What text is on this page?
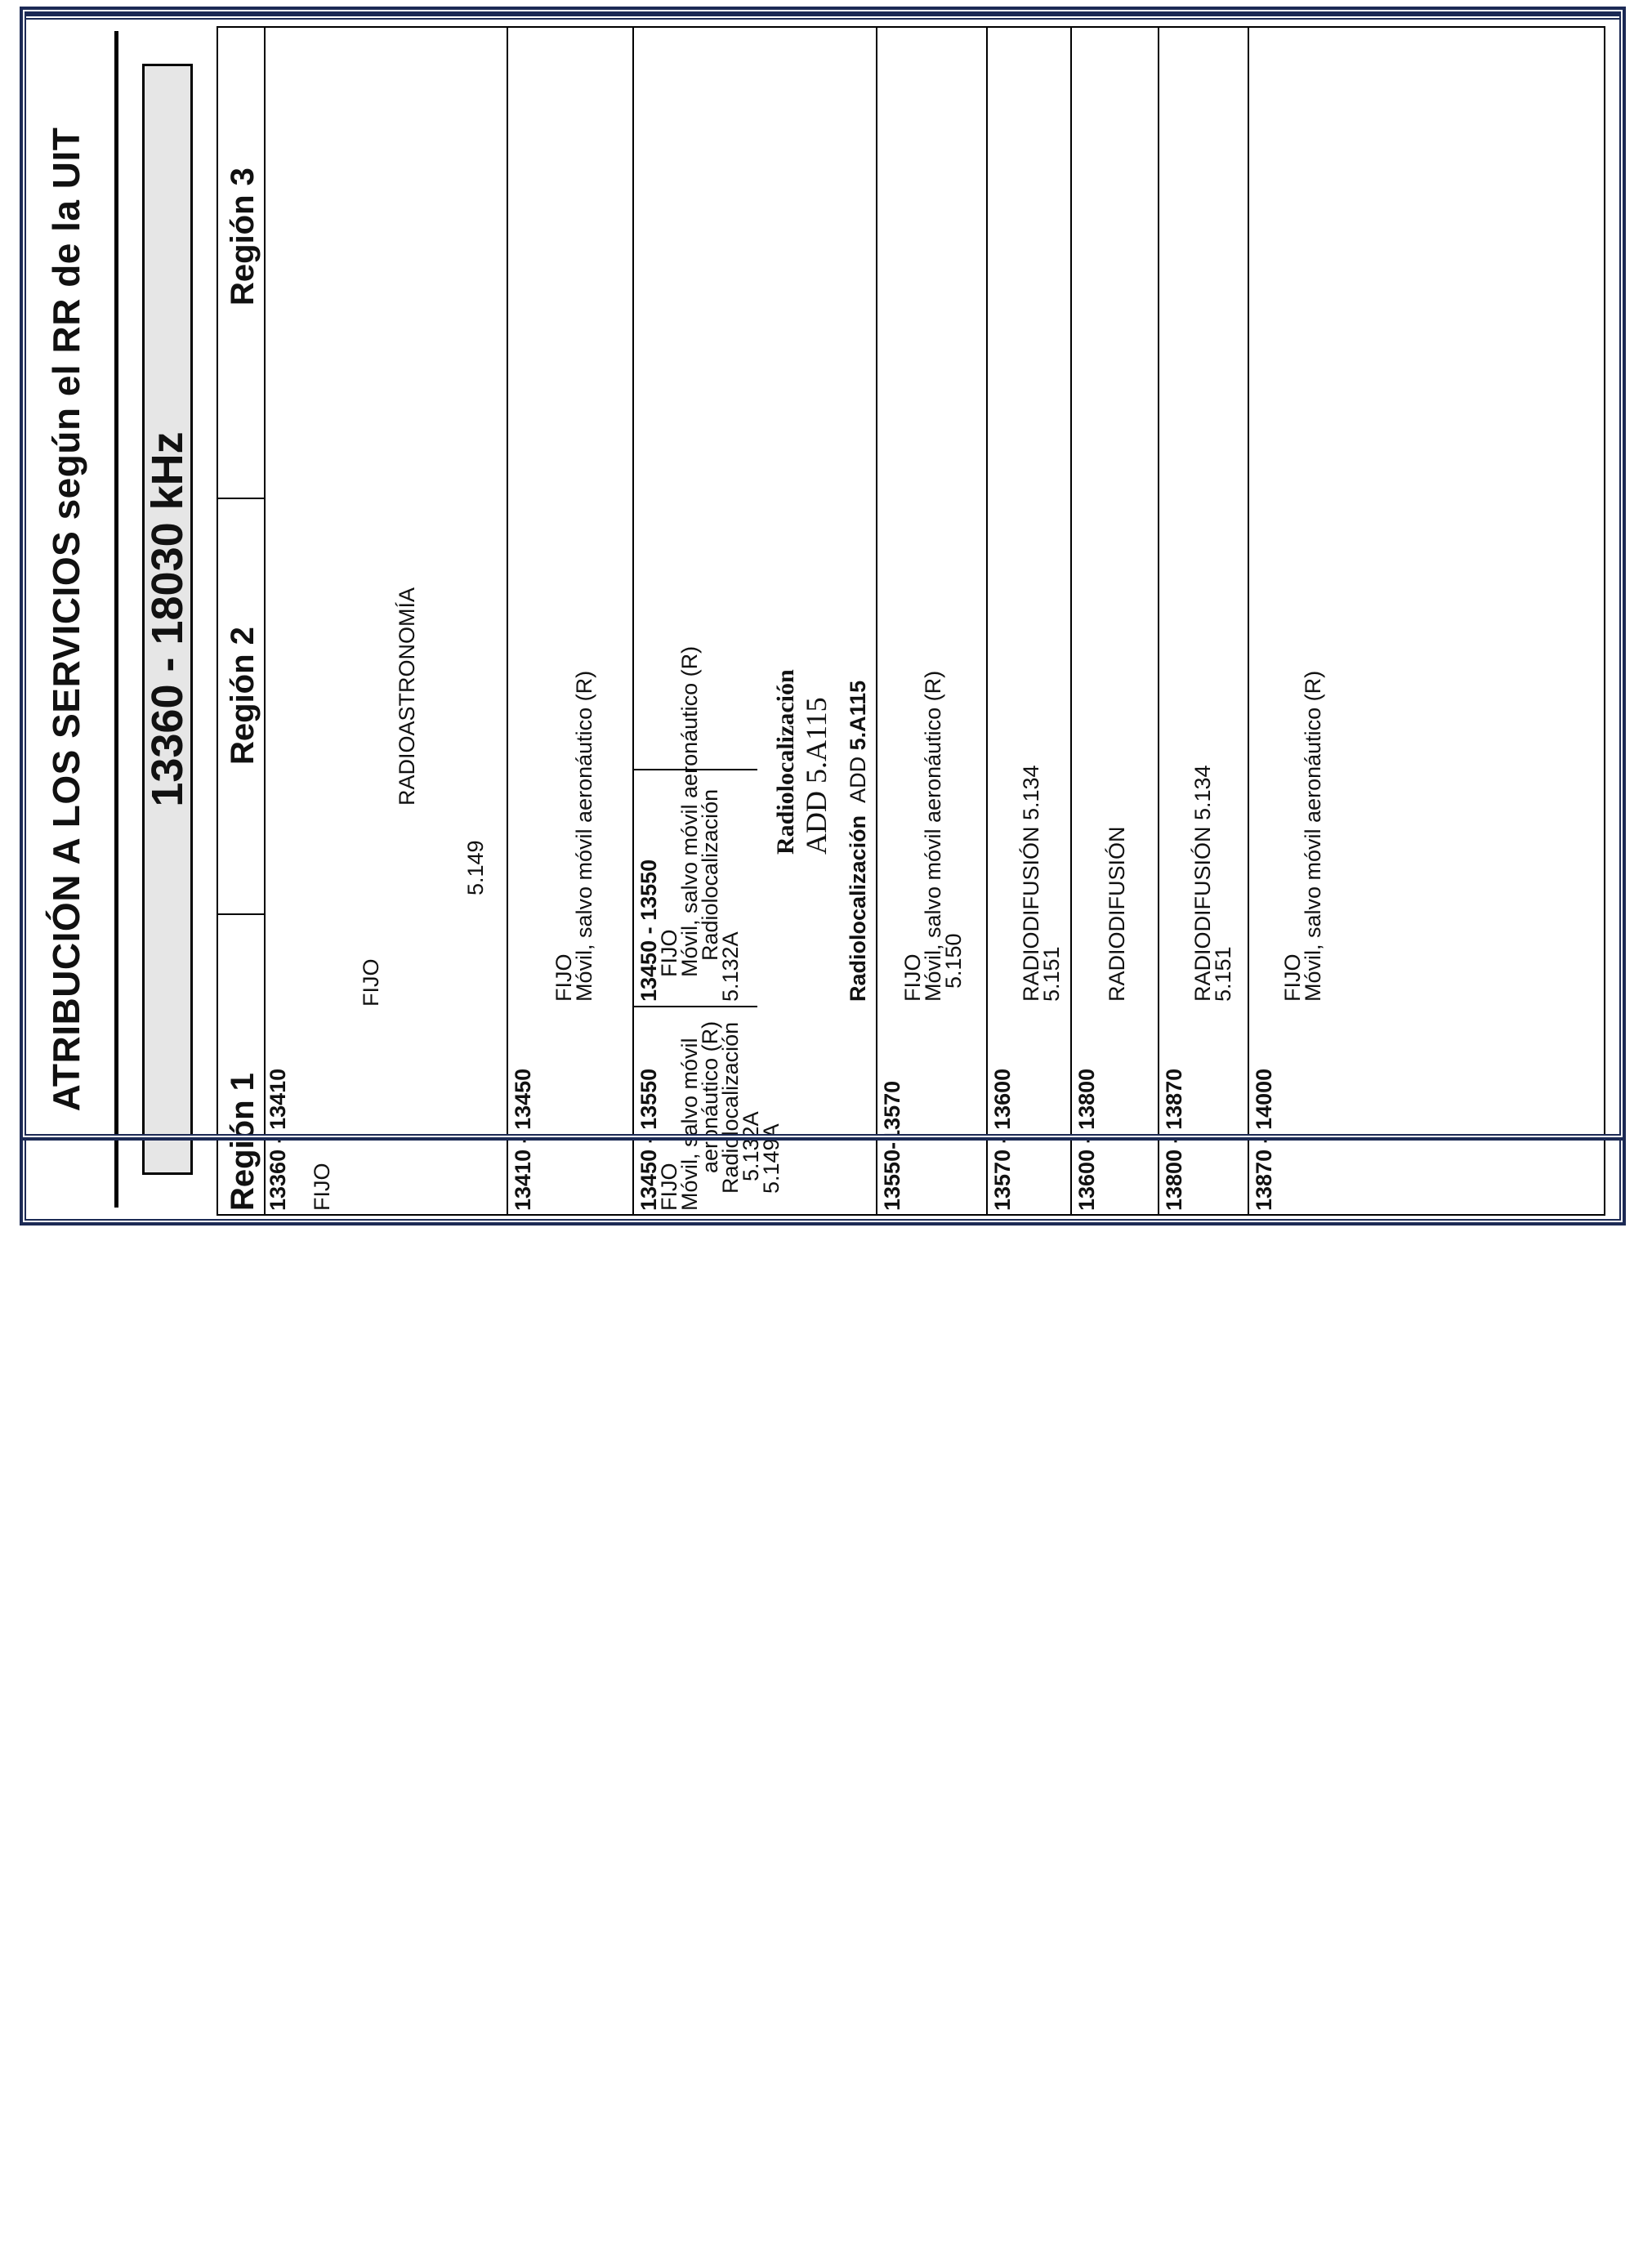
ATRIBUCIÓN A LOS SERVICIOS según el RR de la UIT 13360 - 18030 kHz
Región 1
Región 2
Región 3
13360 - 13410 FIJO
FIJO
RADIOASTRONOMÍA
5.149
13410 - 13450
FIJO
Móvil, salvo móvil aeronáutico (R)
13450 - 13550
FIJO
Móvil, salvo móvil
aeronáutico (R)
Radiolocalización
5.132A
5.149A
13450 - 13550
FIJO
Móvil, salvo móvil aeronáutico (R)
Radiolocalización
5.132A
Radiolocalización ADD 5.A115
Radiolocalización  ADD 5.A115
13550-13570
FIJO
Móvil, salvo móvil aeronáutico (R)
5.150
13570 - 13600
RADIODIFUSIÓN 5.134
5.151
13600 - 13800
RADIODIFUSIÓN
13800 - 13870
RADIODIFUSIÓN 5.134
5.151
13870 - 14000
FIJO
Móvil, salvo móvil aeronáutico (R)
